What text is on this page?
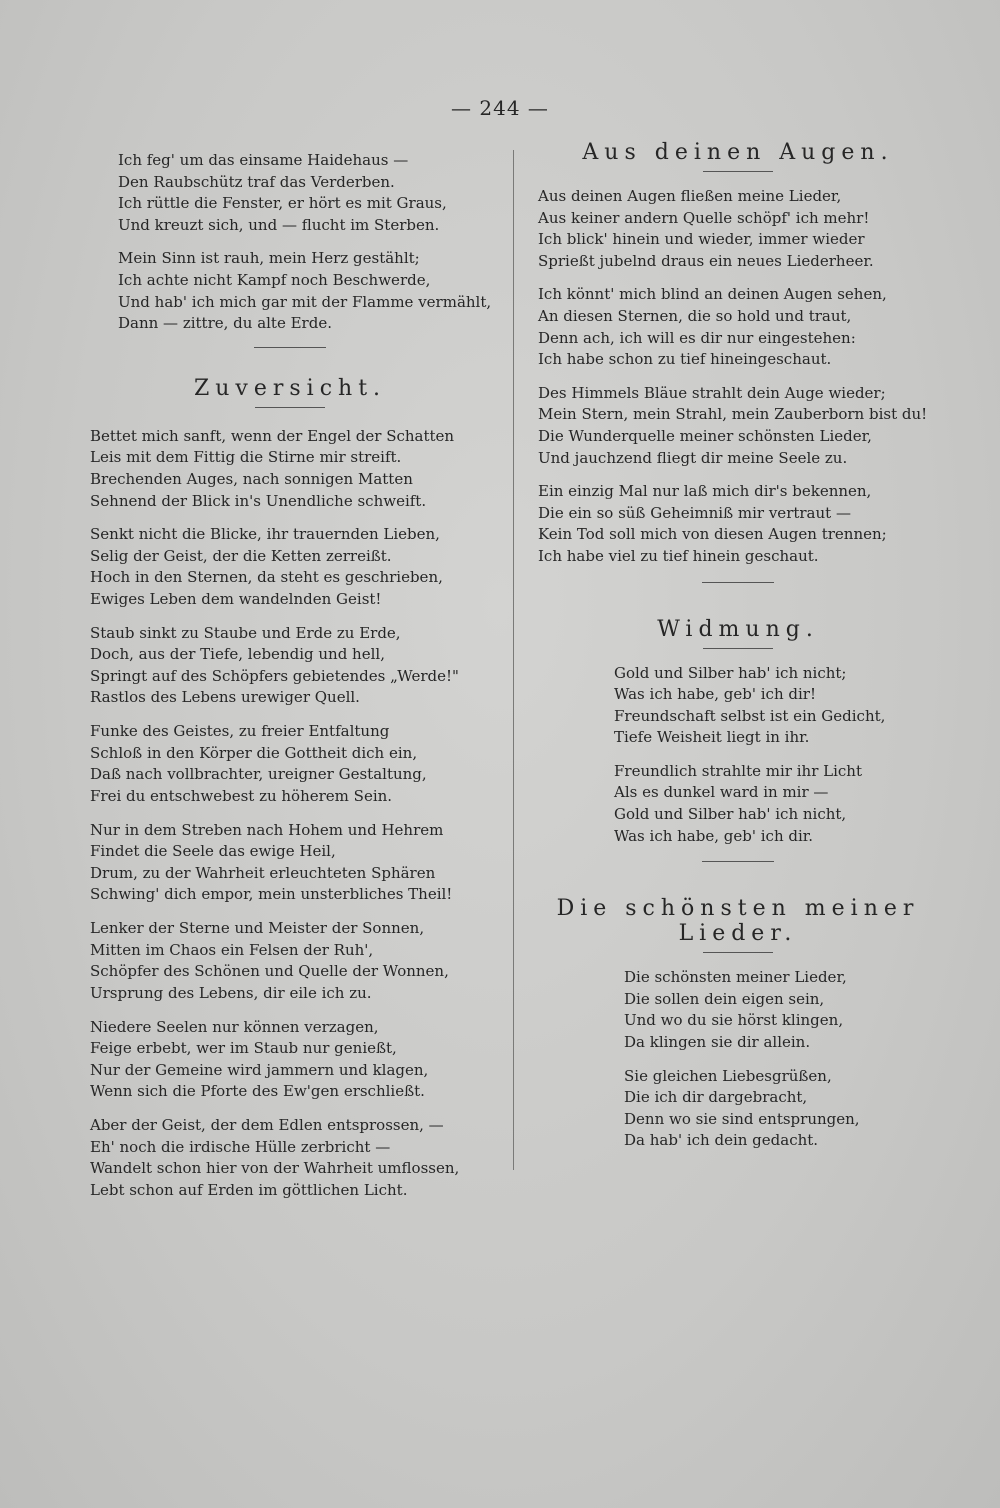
— 244 —
Ich feg' um das einsame Haidehaus —
Den Raubschütz traf das Verderben.
Ich rüttle die Fenster, er hört es mit Graus,
Und kreuzt sich, und — flucht im Sterben.
Mein Sinn ist rauh, mein Herz gestählt;
Ich achte nicht Kampf noch Beschwerde,
Und hab' ich mich gar mit der Flamme vermählt,
Dann — zittre, du alte Erde.
Zuversicht.
Bettet mich sanft, wenn der Engel der Schatten
Leis mit dem Fittig die Stirne mir streift.
Brechenden Auges, nach sonnigen Matten
Sehnend der Blick in's Unendliche schweift.
Senkt nicht die Blicke, ihr trauernden Lieben,
Selig der Geist, der die Ketten zerreißt.
Hoch in den Sternen, da steht es geschrieben,
Ewiges Leben dem wandelnden Geist!
Staub sinkt zu Staube und Erde zu Erde,
Doch, aus der Tiefe, lebendig und hell,
Springt auf des Schöpfers gebietendes „Werde!"
Rastlos des Lebens urewiger Quell.
Funke des Geistes, zu freier Entfaltung
Schloß in den Körper die Gottheit dich ein,
Daß nach vollbrachter, ureigner Gestaltung,
Frei du entschwebest zu höherem Sein.
Nur in dem Streben nach Hohem und Hehrem
Findet die Seele das ewige Heil,
Drum, zu der Wahrheit erleuchteten Sphären
Schwing' dich empor, mein unsterbliches Theil!
Lenker der Sterne und Meister der Sonnen,
Mitten im Chaos ein Felsen der Ruh',
Schöpfer des Schönen und Quelle der Wonnen,
Ursprung des Lebens, dir eile ich zu.
Niedere Seelen nur können verzagen,
Feige erbebt, wer im Staub nur genießt,
Nur der Gemeine wird jammern und klagen,
Wenn sich die Pforte des Ew'gen erschließt.
Aber der Geist, der dem Edlen entsprossen, —
Eh' noch die irdische Hülle zerbricht —
Wandelt schon hier von der Wahrheit umflossen,
Lebt schon auf Erden im göttlichen Licht.
Aus deinen Augen.
Aus deinen Augen fließen meine Lieder,
Aus keiner andern Quelle schöpf' ich mehr!
Ich blick' hinein und wieder, immer wieder
Sprießt jubelnd draus ein neues Liederheer.
Ich könnt' mich blind an deinen Augen sehen,
An diesen Sternen, die so hold und traut,
Denn ach, ich will es dir nur eingestehen:
Ich habe schon zu tief hineingeschaut.
Des Himmels Bläue strahlt dein Auge wieder;
Mein Stern, mein Strahl, mein Zauberborn bist du!
Die Wunderquelle meiner schönsten Lieder,
Und jauchzend fliegt dir meine Seele zu.
Ein einzig Mal nur laß mich dir's bekennen,
Die ein so süß Geheimniß mir vertraut —
Kein Tod soll mich von diesen Augen trennen;
Ich habe viel zu tief hinein geschaut.
Widmung.
Gold und Silber hab' ich nicht;
Was ich habe, geb' ich dir!
Freundschaft selbst ist ein Gedicht,
Tiefe Weisheit liegt in ihr.
Freundlich strahlte mir ihr Licht
Als es dunkel ward in mir —
Gold und Silber hab' ich nicht,
Was ich habe, geb' ich dir.
Die schönsten meiner Lieder.
Die schönsten meiner Lieder,
Die sollen dein eigen sein,
Und wo du sie hörst klingen,
Da klingen sie dir allein.
Sie gleichen Liebesgrüßen,
Die ich dir dargebracht,
Denn wo sie sind entsprungen,
Da hab' ich dein gedacht.
